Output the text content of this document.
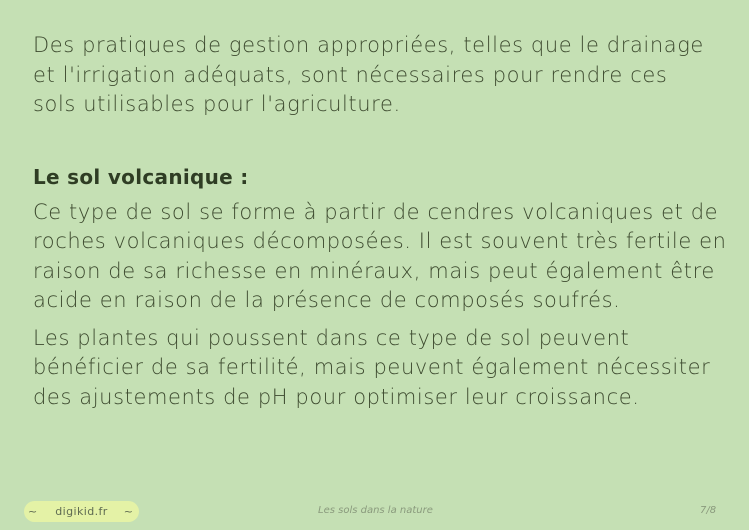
Des pratiques de gestion appropriées, telles que le drainage et l'irrigation adéquats, sont nécessaires pour rendre ces sols utilisables pour l'agriculture.

Le sol volcanique :

Ce type de sol se forme à partir de cendres volcaniques et de roches volcaniques décomposées. Il est souvent très fertile en raison de sa richesse en minéraux, mais peut également être acide en raison de la présence de composés soufrés.

Les plantes qui poussent dans ce type de sol peuvent bénéficier de sa fertilité, mais peuvent également nécessiter des ajustements de pH pour optimiser leur croissance.

~	digikid.fr	~	Les sols dans la nature	7/8
